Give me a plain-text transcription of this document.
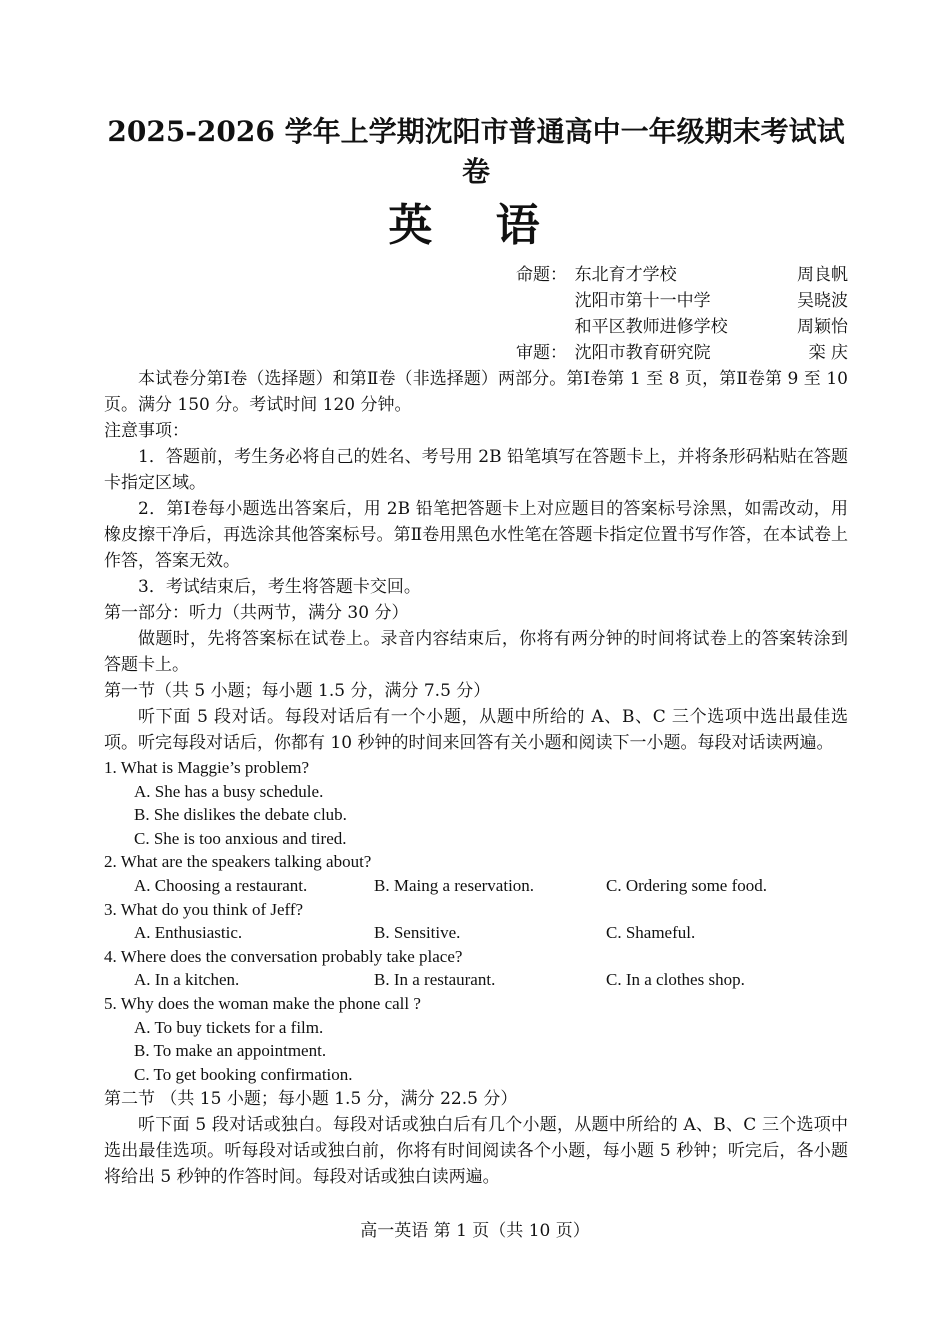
2025-2026 学年上学期沈阳市普通高中一年级期末考试试卷
英 语
命题： 东北育才学校	周良帆
沈阳市第十一中学	吴晓波
和平区教师进修学校	周颖怡
审题： 沈阳市教育研究院	栾 庆

本试卷分第Ⅰ卷（选择题）和第Ⅱ卷（非选择题）两部分。第Ⅰ卷第 1 至 8 页，第Ⅱ卷第 9 至 10 页。满分 150 分。考试时间 120 分钟。

注意事项：

1．答题前，考生务必将自己的姓名、考号用 2B 铅笔填写在答题卡上，并将条形码粘贴在答题卡指定区域。

2．第Ⅰ卷每小题选出答案后，用 2B 铅笔把答题卡上对应题目的答案标号涂黑，如需改动，用橡皮擦干净后，再选涂其他答案标号。第Ⅱ卷用黑色水性笔在答题卡指定位置书写作答，在本试卷上作答，答案无效。

3．考试结束后，考生将答题卡交回。

第一部分：听力（共两节，满分 30 分）

做题时，先将答案标在试卷上。录音内容结束后，你将有两分钟的时间将试卷上的答案转涂到答题卡上。

第一节（共 5 小题；每小题 1.5 分，满分 7.5 分）

听下面 5 段对话。每段对话后有一个小题，从题中所给的 A、B、C 三个选项中选出最佳选项。听完每段对话后，你都有 10 秒钟的时间来回答有关小题和阅读下一小题。每段对话读两遍。

1. What is Maggie’s problem?
A. She has a busy schedule.
B. She dislikes the debate club.
C. She is too anxious and tired.
2. What are the speakers talking about?
A. Choosing a restaurant.	B. Maing a reservation.	C. Ordering some food.
3. What do you think of Jeff?
A. Enthusiastic.	B. Sensitive.	C. Shameful.
4. Where does the conversation probably take place?
A. In a kitchen.	B. In a restaurant.	C. In a clothes shop.
5. Why does the woman make the phone call ?
A. To buy tickets for a film.
B. To make an appointment.
C. To get booking confirmation.

第二节 （共 15 小题；每小题 1.5 分，满分 22.5 分）

听下面 5 段对话或独白。每段对话或独白后有几个小题，从题中所给的 A、B、C 三个选项中选出最佳选项。听每段对话或独白前，你将有时间阅读各个小题，每小题 5 秒钟；听完后，各小题将给出 5 秒钟的作答时间。每段对话或独白读两遍。

高一英语 第 1 页（共 10 页）
